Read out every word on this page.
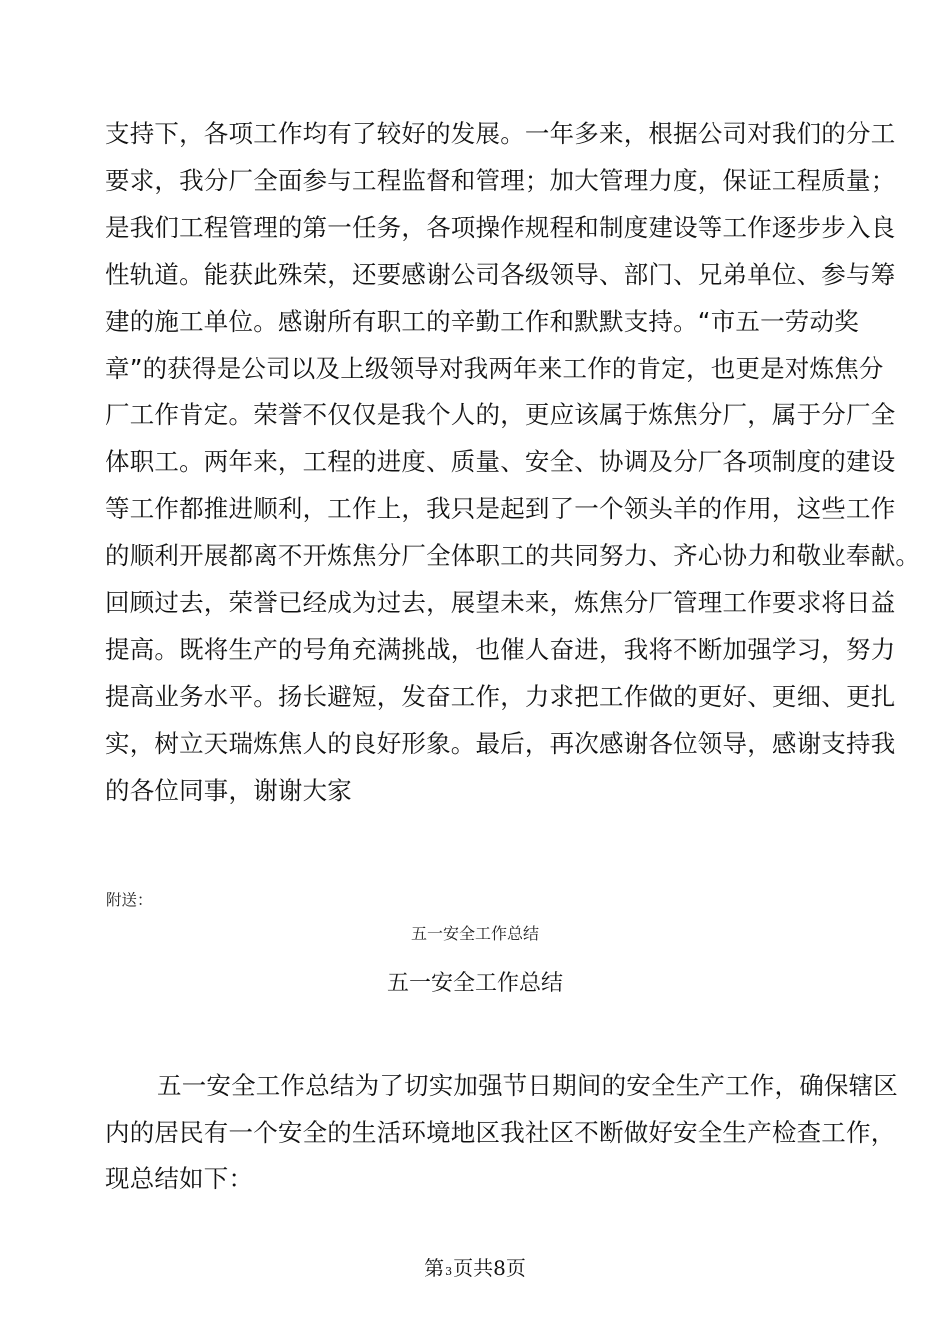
支持下，各项工作均有了较好的发展。一年多来，根据公司对我们的分工
要求，我分厂全面参与工程监督和管理；加大管理力度，保证工程质量；
是我们工程管理的第一任务，各项操作规程和制度建设等工作逐步步入良
性轨道。能获此殊荣，还要感谢公司各级领导、部门、兄弟单位、参与筹
建的施工单位。感谢所有职工的辛勤工作和默默支持。“市五一劳动奖
章”的获得是公司以及上级领导对我两年来工作的肯定，也更是对炼焦分
厂工作肯定。荣誉不仅仅是我个人的，更应该属于炼焦分厂，属于分厂全
体职工。两年来，工程的进度、质量、安全、协调及分厂各项制度的建设
等工作都推进顺利，工作上，我只是起到了一个领头羊的作用，这些工作
的顺利开展都离不开炼焦分厂全体职工的共同努力、齐心协力和敬业奉献。
回顾过去，荣誉已经成为过去，展望未来，炼焦分厂管理工作要求将日益
提高。既将生产的号角充满挑战，也催人奋进，我将不断加强学习，努力
提高业务水平。扬长避短，发奋工作，力求把工作做的更好、更细、更扎
实，树立天瑞炼焦人的良好形象。最后，再次感谢各位领导，感谢支持我
的各位同事，谢谢大家

附送：

五一安全工作总结

五一安全工作总结

五一安全工作总结为了切实加强节日期间的安全生产工作，确保辖区
内的居民有一个安全的生活环境地区我社区不断做好安全生产检查工作，
现总结如下：

第3页共8页
